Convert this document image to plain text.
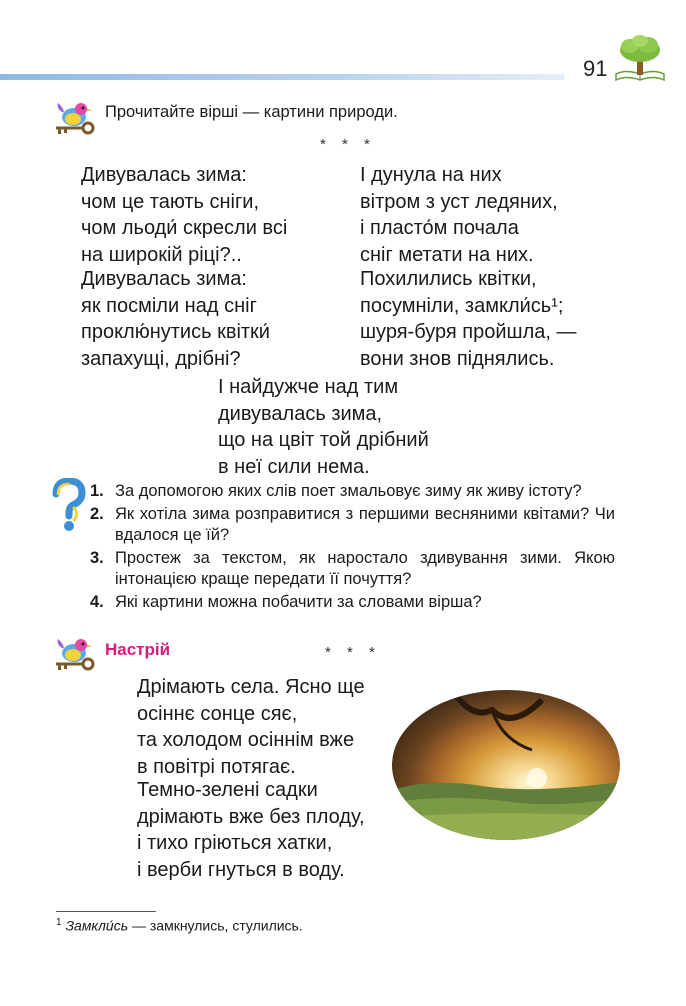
91
Прочитайте вірші — картини природи.
* * *
Дивувалась зима:
чом це тають сніги,
чом льоди́ скресли всі
на широкій ріці?..
Дивувалась зима:
як посміли над сніг
проклю́нутись квітки́
запахущі, дрібні?
І дунула на них
вітром з уст ледяних,
і пласто́м почала
сніг метати на них.
Похилились квітки,
посумніли, замкли́сь¹;
шуря-буря пройшла, —
вони знов піднялись.
І найдужче над тим
дивувалась зима,
що на цвіт той дрібний
в неї сили нема.
1. За допомогою яких слів поет змальовує зиму як живу істоту?
2. Як хотіла зима розправитися з першими весняними квітами? Чи вдалося це їй?
3. Простеж за текстом, як наростало здивування зими. Якою інтонацією краще передати її почуття?
4. Які картини можна побачити за словами вірша?
Настрій	* * *
Дрімають села. Ясно ще
осіннє сонце сяє,
та холодом осіннім вже
в повітрі потягає.
Темно-зелені садки
дрімають вже без плоду,
і тихо гріються хатки,
і верби гнуться в воду.
$^1$ Замкли́сь — замкнулись, стулились.
